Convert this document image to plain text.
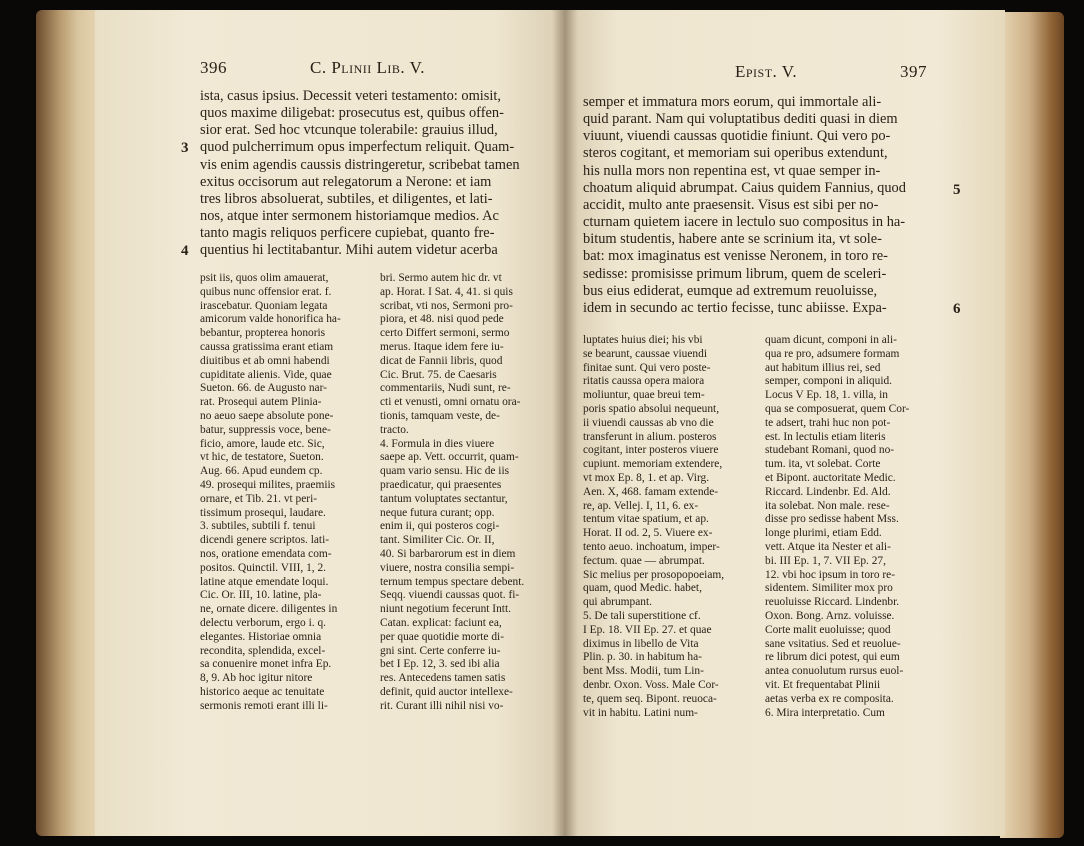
396	C. Plinii Lib. V.
ista, casus ipsius. Decessit veteri testamento: omisit,
quos maxime diligebat: prosecutus est, quibus offen-
sior erat. Sed hoc vtcunque tolerabile: grauius illud,
quod pulcherrimum opus imperfectum reliquit. Quam-
vis enim agendis caussis distringeretur, scribebat tamen
exitus occisorum aut relegatorum a Nerone: et iam
tres libros absoluerat, subtiles, et diligentes, et lati-
nos, atque inter sermonem historiamque medios. Ac
tanto magis reliquos perficere cupiebat, quanto fre-
quentius hi lectitabantur. Mihi autem videtur acerba
3
4
psit iis, quos olim amauerat,
quibus nunc offensior erat. f.
irascebatur. Quoniam legata
amicorum valde honorifica ha-
bebantur, propterea honoris
caussa gratissima erant etiam
diuitibus et ab omni habendi
cupiditate alienis. Vide, quae
Sueton. 66. de Augusto nar-
rat. Prosequi autem Plinia-
no aeuo saepe absolute pone-
batur, suppressis voce, bene-
ficio, amore, laude etc. Sic,
vt hic, de testatore, Sueton.
Aug. 66. Apud eundem cp.
49. prosequi milites, praemiis
ornare, et Tib. 21. vt peri-
tissimum prosequi, laudare.
3. subtiles, subtili f. tenui
dicendi genere scriptos. lati-
nos, oratione emendata com-
positos. Quinctil. VIII, 1, 2.
latine atque emendate loqui.
Cic. Or. III, 10. latine, pla-
ne, ornate dicere. diligentes in
delectu verborum, ergo i. q.
elegantes. Historiae omnia
recondita, splendida, excel-
sa conuenire monet infra Ep.
8, 9. Ab hoc igitur nitore
historico aeque ac tenuitate
sermonis remoti erant illi li-
bri. Sermo autem hic dr. vt
ap. Horat. I Sat. 4, 41. si quis
scribat, vti nos, Sermoni pro-
piora, et 48. nisi quod pede
certo Differt sermoni, sermo
merus. Itaque idem fere iu-
dicat de Fannii libris, quod
Cic. Brut. 75. de Caesaris
commentariis, Nudi sunt, re-
cti et venusti, omni ornatu ora-
tionis, tamquam veste, de-
tracto.
4. Formula in dies viuere
saepe ap. Vett. occurrit, quam-
quam vario sensu. Hic de iis
praedicatur, qui praesentes
tantum voluptates sectantur,
neque futura curant; opp.
enim ii, qui posteros cogi-
tant. Similiter Cic. Or. II,
40. Si barbarorum est in diem
viuere, nostra consilia sempi-
ternum tempus spectare debent.
Seqq. viuendi caussas quot. fi-
niunt negotium fecerunt Intt.
Catan. explicat: faciunt ea,
per quae quotidie morte di-
gni sint. Certe conferre iu-
bet I Ep. 12, 3. sed ibi alia
res. Antecedens tamen satis
definit, quid auctor intellexe-
rit. Curant illi nihil nisi vo-
Epist. V.	397
semper et immatura mors eorum, qui immortale ali-
quid parant. Nam qui voluptatibus dediti quasi in diem
viuunt, viuendi caussas quotidie finiunt. Qui vero po-
steros cogitant, et memoriam sui operibus extendunt,
his nulla mors non repentina est, vt quae semper in-
choatum aliquid abrumpat. Caius quidem Fannius, quod
accidit, multo ante praesensit. Visus est sibi per no-
cturnam quietem iacere in lectulo suo compositus in ha-
bitum studentis, habere ante se scrinium ita, vt sole-
bat: mox imaginatus est venisse Neronem, in toro re-
sedisse: promisisse primum librum, quem de sceleri-
bus eius ediderat, eumque ad extremum reuoluisse,
idem in secundo ac tertio fecisse, tunc abiisse. Expa-
5
6
luptates huius diei; his vbi
se bearunt, caussae viuendi
finitae sunt. Qui vero poste-
ritatis caussa opera maiora
moliuntur, quae breui tem-
poris spatio absolui nequeunt,
ii viuendi caussas ab vno die
transferunt in alium. posteros
cogitant, inter posteros viuere
cupiunt. memoriam extendere,
vt mox Ep. 8, 1. et ap. Virg.
Aen. X, 468. famam extende-
re, ap. Vellej. I, 11, 6. ex-
tentum vitae spatium, et ap.
Horat. II od. 2, 5. Viuere ex-
tento aeuo. inchoatum, imper-
fectum. quae — abrumpat.
Sic melius per prosopopoeiam,
quam, quod Medic. habet,
qui abrumpant.
5. De tali superstitione cf.
I Ep. 18. VII Ep. 27. et quae
diximus in libello de Vita
Plin. p. 30. in habitum ha-
bent Mss. Modii, tum Lin-
denbr. Oxon. Voss. Male Cor-
te, quem seq. Bipont. reuoca-
vit in habitu. Latini num-
quam dicunt, componi in ali-
qua re pro, adsumere formam
aut habitum illius rei, sed
semper, componi in aliquid.
Locus V Ep. 18, 1. villa, in
qua se composuerat, quem Cor-
te adsert, trahi huc non pot-
est. In lectulis etiam literis
studebant Romani, quod no-
tum. ita, vt solebat. Corte
et Bipont. auctoritate Medic.
Riccard. Lindenbr. Ed. Ald.
ita solebat. Non male. rese-
disse pro sedisse habent Mss.
longe plurimi, etiam Edd.
vett. Atque ita Nester et ali-
bi. III Ep. 1, 7. VII Ep. 27,
12. vbi hoc ipsum in toro re-
sidentem. Similiter mox pro
reuoluisse Riccard. Lindenbr.
Oxon. Bong. Arnz. voluisse.
Corte malit euoluisse; quod
sane vsitatius. Sed et reuolue-
re librum dici potest, qui eum
antea conuolutum rursus euol-
vit. Et frequentabat Plinii
aetas verba ex re composita.
6. Mira interpretatio. Cum
